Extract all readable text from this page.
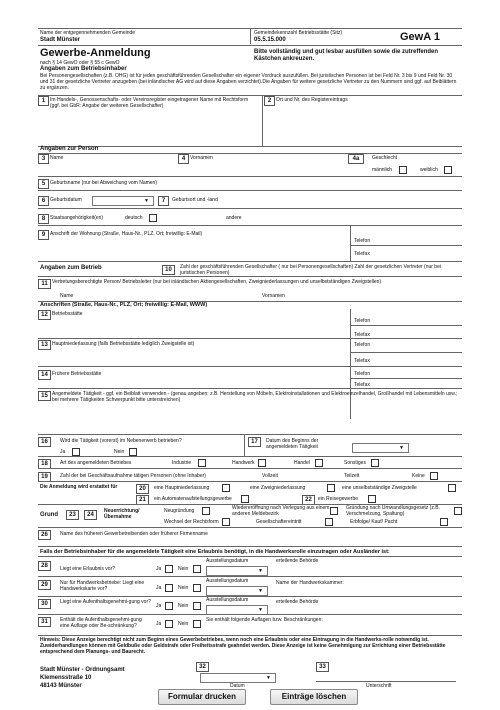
Name der entgegennehmenden Gemeinde
Stadt Münster
Gemeindekennzahl Betriebsstätte (Sitz)
05.5.15.000	GewA 1
Gewerbe-Anmeldung
nach § 14 GewO oder § 55 c GewO
Bitte vollständig und gut lesbar ausfüllen sowie die zutreffenden Kästchen ankreuzen.
Angaben zum Betriebsinhaber
Bei Personengesellschaften (z.B. OHG) ist für jeden geschäftsführenden Gesellschafter ein eigener Vordruck auszufüllen. Bei juristischen Personen ist bei Feld Nr. 3 bis 9 und Feld Nr. 30 und 31 der gesetzliche Vertreter anzugeben (bei inländischer AG wird auf diese Angaben verzichtet).Die Angaben für weitere gesetzliche Vertreter zu den Nummern sind ggf. auf Beiblättern zu ergänzen.
1 Im Handels-, Genossenschafts- oder Vereinsregister eingetragener Name mit Rechtsform (ggf. bei GbR: Angabe der weiteren Gesellschafter)
2 Ort und Nr. des Registereintrags
Angaben zur Person
3 Name	4 Vornamen	4a	Geschlecht
männlich	weiblich
5 Geburtsname (nur bei Abweichung vom Namen)
6 Geburtsdatum	▼	7	Geburtsort und -land
8 Staatsangehörigkeit(en)	deutsch	andere
9 Anschrift der Wohnung (Straße, Haus-Nr., PLZ, Ort; freiwillig: E-Mail)
Telefon
Telefax
Angaben zum Betrieb	10	Zahl der geschäftsführenden Gesellschafter ( nur bei Personengesellschaften) Zahl der gesetzlichen Vertreter (nur bei juristischen Personen)
11 Vertretungsberechtigte Person/ Betriebsleiter (nur bei inländischen Aktiengesellschaften, Zweigniederlassungen und unselbstständigen Zweigstellen)
Name	Vornamen
Anschriften (Straße, Haus-Nr., PLZ, Ort; freiwillig: E-Mail, WWW)
12 Betriebsstätte
Telefon
Telefax
13 Hauptniederlassung (falls Betriebsstätte lediglich Zweigstelle ist)	Telefon
Telefax
14 Frühere Betriebsstätte	Telefon
Telefax
15 Angemeldete Tätigkeit - ggf. ein Beiblatt verwenden - (genau angeben: z.B. Herstellung von Möbeln, Elektroinstallationen und Elektroeinzelhandel, Großhandel mit Lebensmitteln usw.; bei mehrere Tätigkeiten Schwerpunkt bitte unterstreichen)
16	Wird die Tätigkeit (vorerst) im Nebenerwerb betrieben?
Ja	Nein
17	Datum des Beginns der angemeldeten Tätigkeit	▼
18	Art des angemeldeten Betriebes	Industrie	Handwerk	Handel	Sonstiges
19	Zahl der bei Geschäftsaufnahme tätigen Personen (ohne Inhaber)	Vollzeit	Teilzeit	Keine
Die Anmeldung wird erstattet für	20	eine Hauptniederlassung	eine Zweigniederlassung	eine unselbstständige Zweigstelle
21	ein Automatenaufstellungsgewerbe	22	ein Reisegewerbe
Grund	23	24
Neuerrichtung/ Übernahme
Neugründung	Wiedereröffnung nach Verlegung aus einem anderen Meldebezirk
Gründung nach Umwandlungsgesetz (z.B. Verschmelzung, Spaltung)
Wechsel der Rechtsform	Gesellschaftereintritt	Erbfolge/ Kauf/ Pacht
26	Name des früheren Gewerbetreibenden oder früherer Firmenname
Falls der Betriebsinhaber für die angemeldete Tätigkeit eine Erlaubnis benötigt, in die Handwerksrolle einzutragen oder Ausländer ist:
28	Liegt eine Erlaubnis vor?	Ja	Nein
Ausstellungsdatum
▼
erteilende Behörde
29	Nur für Handwerksbetriebe: Liegt eine Handwerkskarte vor?	Ja	Nein
Ausstellungsdatum
▼
Name der Handwerkskammer:
30	Liegt eine Aufenthaltsgenehmi-gung vor?
Ja	Nein
Ausstellungsdatum
▼
erteilende Behörde
31	Enthält die Aufenthaltsgenehmi-gung eine Auflage oder Be-schränkung?	Ja	Nein
Sie enthält folgende Auflagen bzw. Beschränkungen:
Hinweis: Diese Anzeige berechtigt nicht zum Beginn eines Gewerbebetriebes, wenn noch eine Erlaubnis oder eine Eintragung in die Handwerks-rolle notwendig ist. Zuwiderhandlungen können mit Geldbuße oder Geldstrafe oder Freiheitsstrafe geahndet werden. Diese Anzeige ist keine Genehmigung zur Errichtung einer Betriebsstätte entsprechend dem Planungs- und Baurecht.
Stadt Münster - Ordnungsamt
Klemensstraße 10
48143 Münster
32
▼
Datum
33
Unterschrift
Formular drucken	Einträge löschen
